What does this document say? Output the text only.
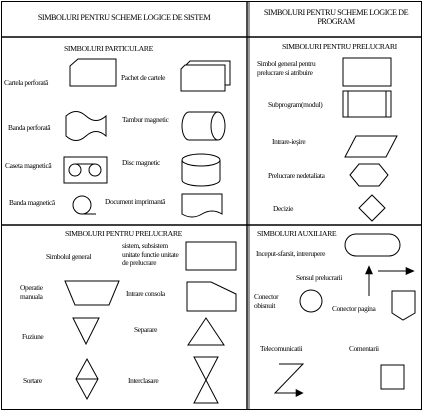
SIMBOLURI PENTRU SCHEME LOGICE DE SISTEM
SIMBOLURI PENTRU SCHEME LOGICE DE PROGRAM
SIMBOLURI PARTICULARE	SIMBOLURI PENTRU PRELUCRARI
SIMBOLURI PENTRU PRELUCRARE	SIMBOLURI AUXILIARE
Cartela perforată
Pachet de cartele
Banda perforată
Tambur magnetic
Caseta magnetică	Disc magnetic
Banda magnetică	Document imprimantă
Simbol general pentru prelucrare si atribuire
Subprogram(modul)
Intrare-ieşire
Prelucrare nedetaliata
Decizie
Simbolul general
sistem, subsistem unitate functie unitate de prelucrare
Operatie manuala	Intrare consola
Fuziune
Separare
Sortare	Interclasare
Inceput-sfarsit, intrerupere
Sensul prelucrarii
Conector obisnuit	Conector pagina
Telecomunicatii	Comentarii
